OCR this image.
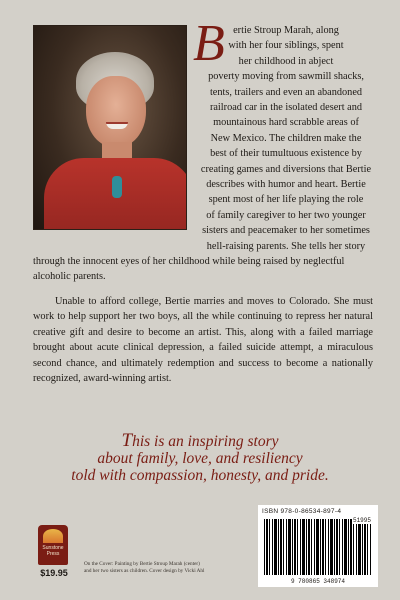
B ertie Stroup Marah, along
with her four siblings, spent
her childhood in abject
poverty moving from sawmill shacks,
tents, trailers and even an abandoned
railroad car in the isolated desert and
mountainous hard scrabble areas of
New Mexico. The children make the
best of their tumultuous existence by
creating games and diversions that Bertie
describes with humor and heart. Bertie
spent most of her life playing the role
of family caregiver to her two younger
sisters and peacemaker to her sometimes
hell-raising parents. She tells her story
through the innocent eyes of her childhood while being raised by neglectful alcoholic parents.
Unable to afford college, Bertie marries and moves to Colorado. She must work to help support her two boys, all the while continuing to repress her natural creative gift and desire to become an artist. This, along with a failed marriage brought about acute clinical depression, a failed suicide attempt, a miraculous second chance, and ultimately redemption and success to become a nationally recognized, award-winning artist.
This is an inspiring story
about family, love, and resiliency
told with compassion, honesty, and pride.
Sunstone
Press
$19.95
On the Cover: Painting by Bertie Stroup Marah (center)
and her two sisters as children. Cover design by Vicki Ahl
ISBN 978-0-86534-897-4
51995
9 780865 348974
